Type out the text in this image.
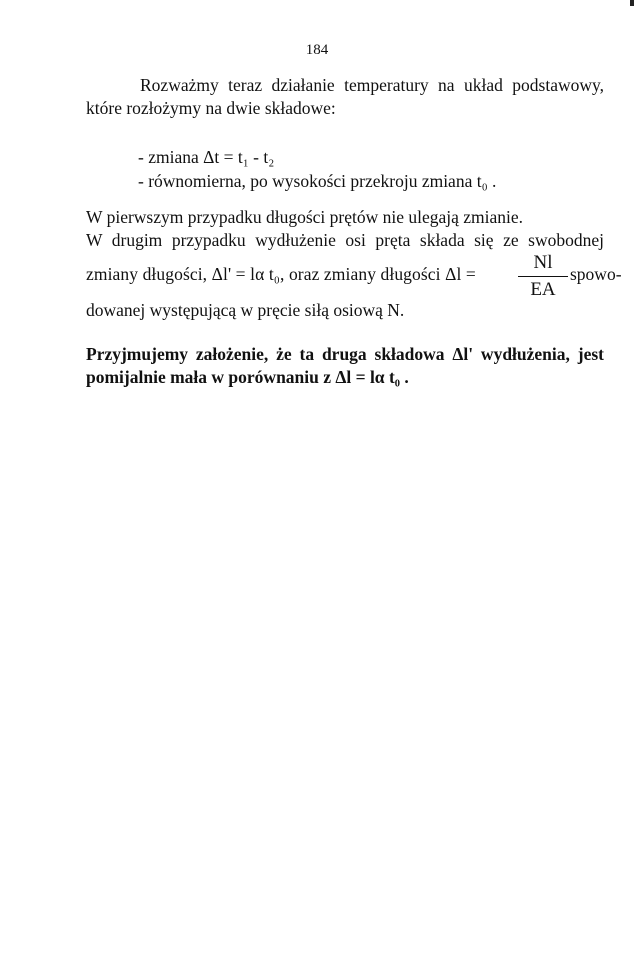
184
Rozważmy teraz działanie temperatury na układ podstawowy,
które rozłożymy na dwie składowe:
- zmiana Δt = t₁ - t₂
- równomierna, po wysokości przekroju zmiana t₀ .
W pierwszym przypadku długości prętów nie ulegają zmianie.
W drugim przypadku wydłużenie osi pręta składa się ze swobodnej
zmiany długości, Δl' = lα t₀, oraz zmiany długości Δl =
Nl
EA
spowo-
dowanej występującą w pręcie siłą osiową N.
Przyjmujemy założenie, że ta druga składowa Δl' wydłużenia, jest
pomijalnie mała w porównaniu z Δl = lα t₀ .
